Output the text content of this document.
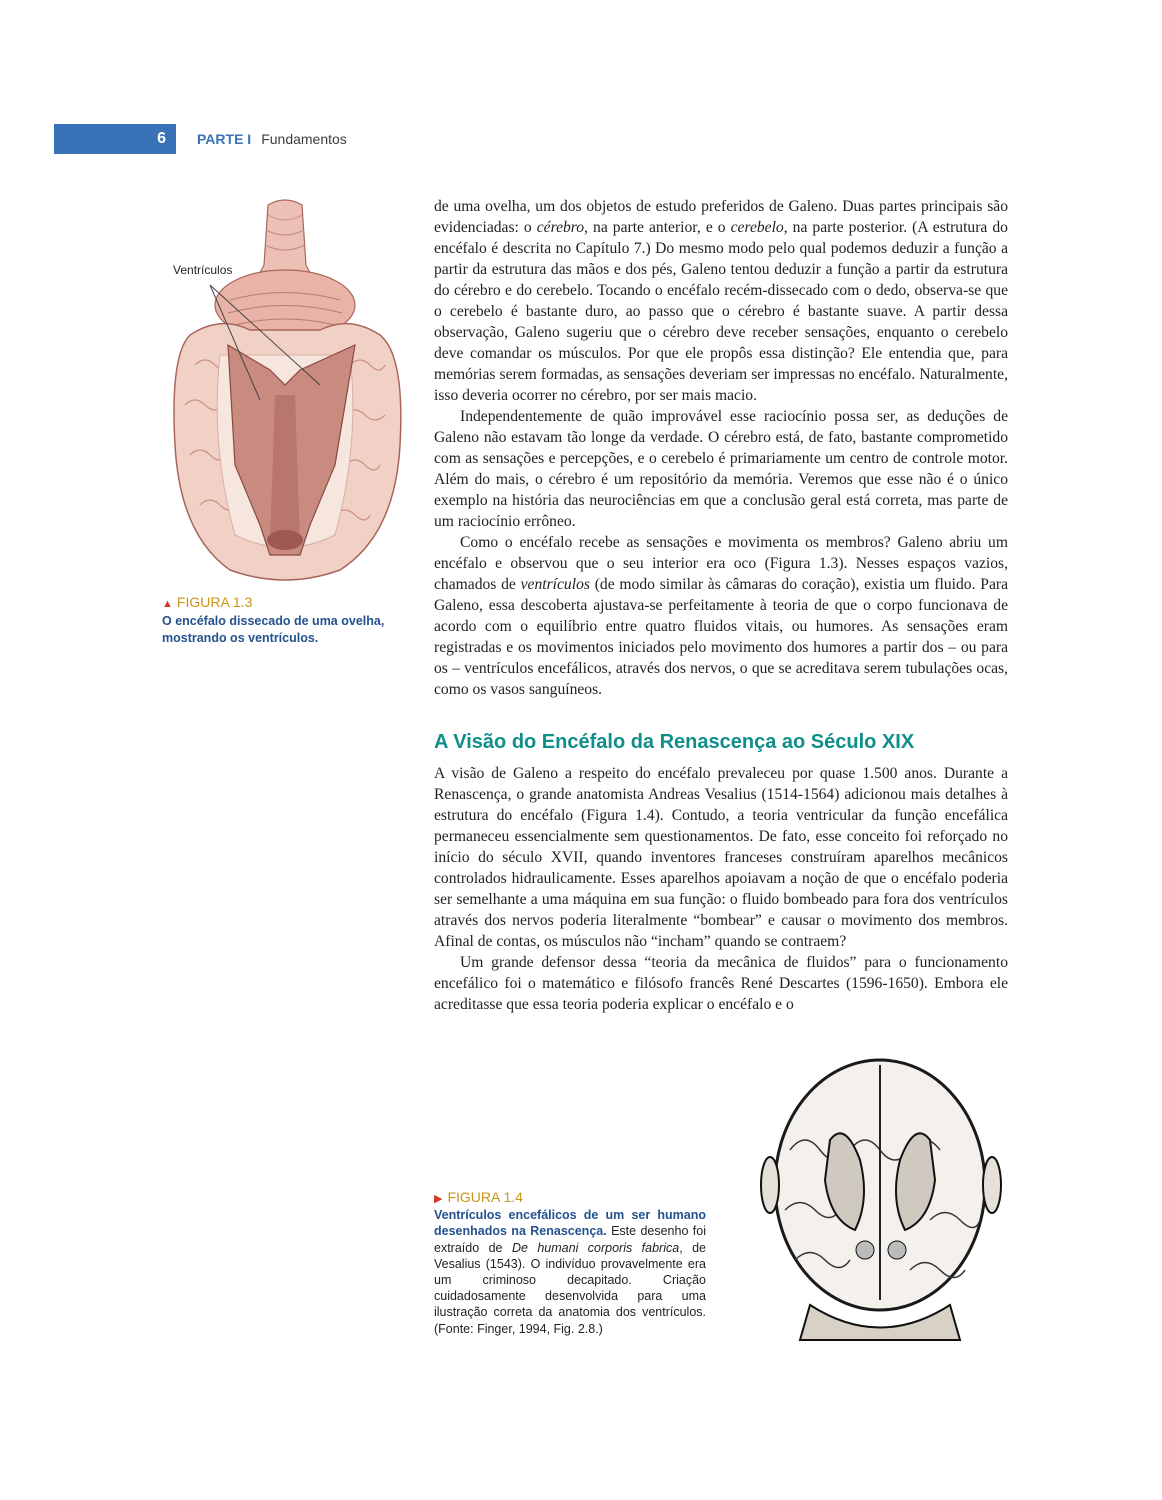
6	PARTE I Fundamentos
Ventrículos
▲ FIGURA 1.3
O encéfalo dissecado de uma ovelha, mostrando os ventrículos.

de uma ovelha, um dos objetos de estudo preferidos de Galeno. Duas partes principais são evidenciadas: o cérebro, na parte anterior, e o cerebelo, na parte posterior. (A estrutura do encéfalo é descrita no Capítulo 7.) Do mesmo modo pelo qual podemos deduzir a função a partir da estrutura das mãos e dos pés, Galeno tentou deduzir a função a partir da estrutura do cérebro e do cerebelo. Tocando o encéfalo recém-dissecado com o dedo, observa-se que o cerebelo é bastante duro, ao passo que o cérebro é bastante suave. A partir dessa observação, Galeno sugeriu que o cérebro deve receber sensações, enquanto o cerebelo deve comandar os músculos. Por que ele propôs essa distinção? Ele entendia que, para memórias serem formadas, as sensações deveriam ser impressas no encéfalo. Naturalmente, isso deveria ocorrer no cérebro, por ser mais macio.

Independentemente de quão improvável esse raciocínio possa ser, as deduções de Galeno não estavam tão longe da verdade. O cérebro está, de fato, bastante comprometido com as sensações e percepções, e o cerebelo é primariamente um centro de controle motor. Além do mais, o cérebro é um repositório da memória. Veremos que esse não é o único exemplo na história das neurociências em que a conclusão geral está correta, mas parte de um raciocínio errôneo.

Como o encéfalo recebe as sensações e movimenta os membros? Galeno abriu um encéfalo e observou que o seu interior era oco (Figura 1.3). Nesses espaços vazios, chamados de ventrículos (de modo similar às câmaras do coração), existia um fluido. Para Galeno, essa descoberta ajustava-se perfeitamente à teoria de que o corpo funcionava de acordo com o equilíbrio entre quatro fluidos vitais, ou humores. As sensações eram registradas e os movimentos iniciados pelo movimento dos humores a partir dos – ou para os – ventrículos encefálicos, através dos nervos, o que se acreditava serem tubulações ocas, como os vasos sanguíneos.

A Visão do Encéfalo da Renascença ao Século XIX

A visão de Galeno a respeito do encéfalo prevaleceu por quase 1.500 anos. Durante a Renascença, o grande anatomista Andreas Vesalius (1514-1564) adicionou mais detalhes à estrutura do encéfalo (Figura 1.4). Contudo, a teoria ventricular da função encefálica permaneceu essencialmente sem questionamentos. De fato, esse conceito foi reforçado no início do século XVII, quando inventores franceses construíram aparelhos mecânicos controlados hidraulicamente. Esses aparelhos apoiavam a noção de que o encéfalo poderia ser semelhante a uma máquina em sua função: o fluido bombeado para fora dos ventrículos através dos nervos poderia literalmente “bombear” e causar o movimento dos membros. Afinal de contas, os músculos não “incham” quando se contraem?

Um grande defensor dessa “teoria da mecânica de fluidos” para o funcionamento encefálico foi o matemático e filósofo francês René Descartes (1596-1650). Embora ele acreditasse que essa teoria poderia explicar o encéfalo e o

▶ FIGURA 1.4
Ventrículos encefálicos de um ser humano desenhados na Renascença. Este desenho foi extraído de De humani corporis fabrica, de Vesalius (1543). O indivíduo provavelmente era um criminoso decapitado. Criação cuidadosamente desenvolvida para uma ilustração correta da anatomia dos ventrículos. (Fonte: Finger, 1994, Fig. 2.8.)
